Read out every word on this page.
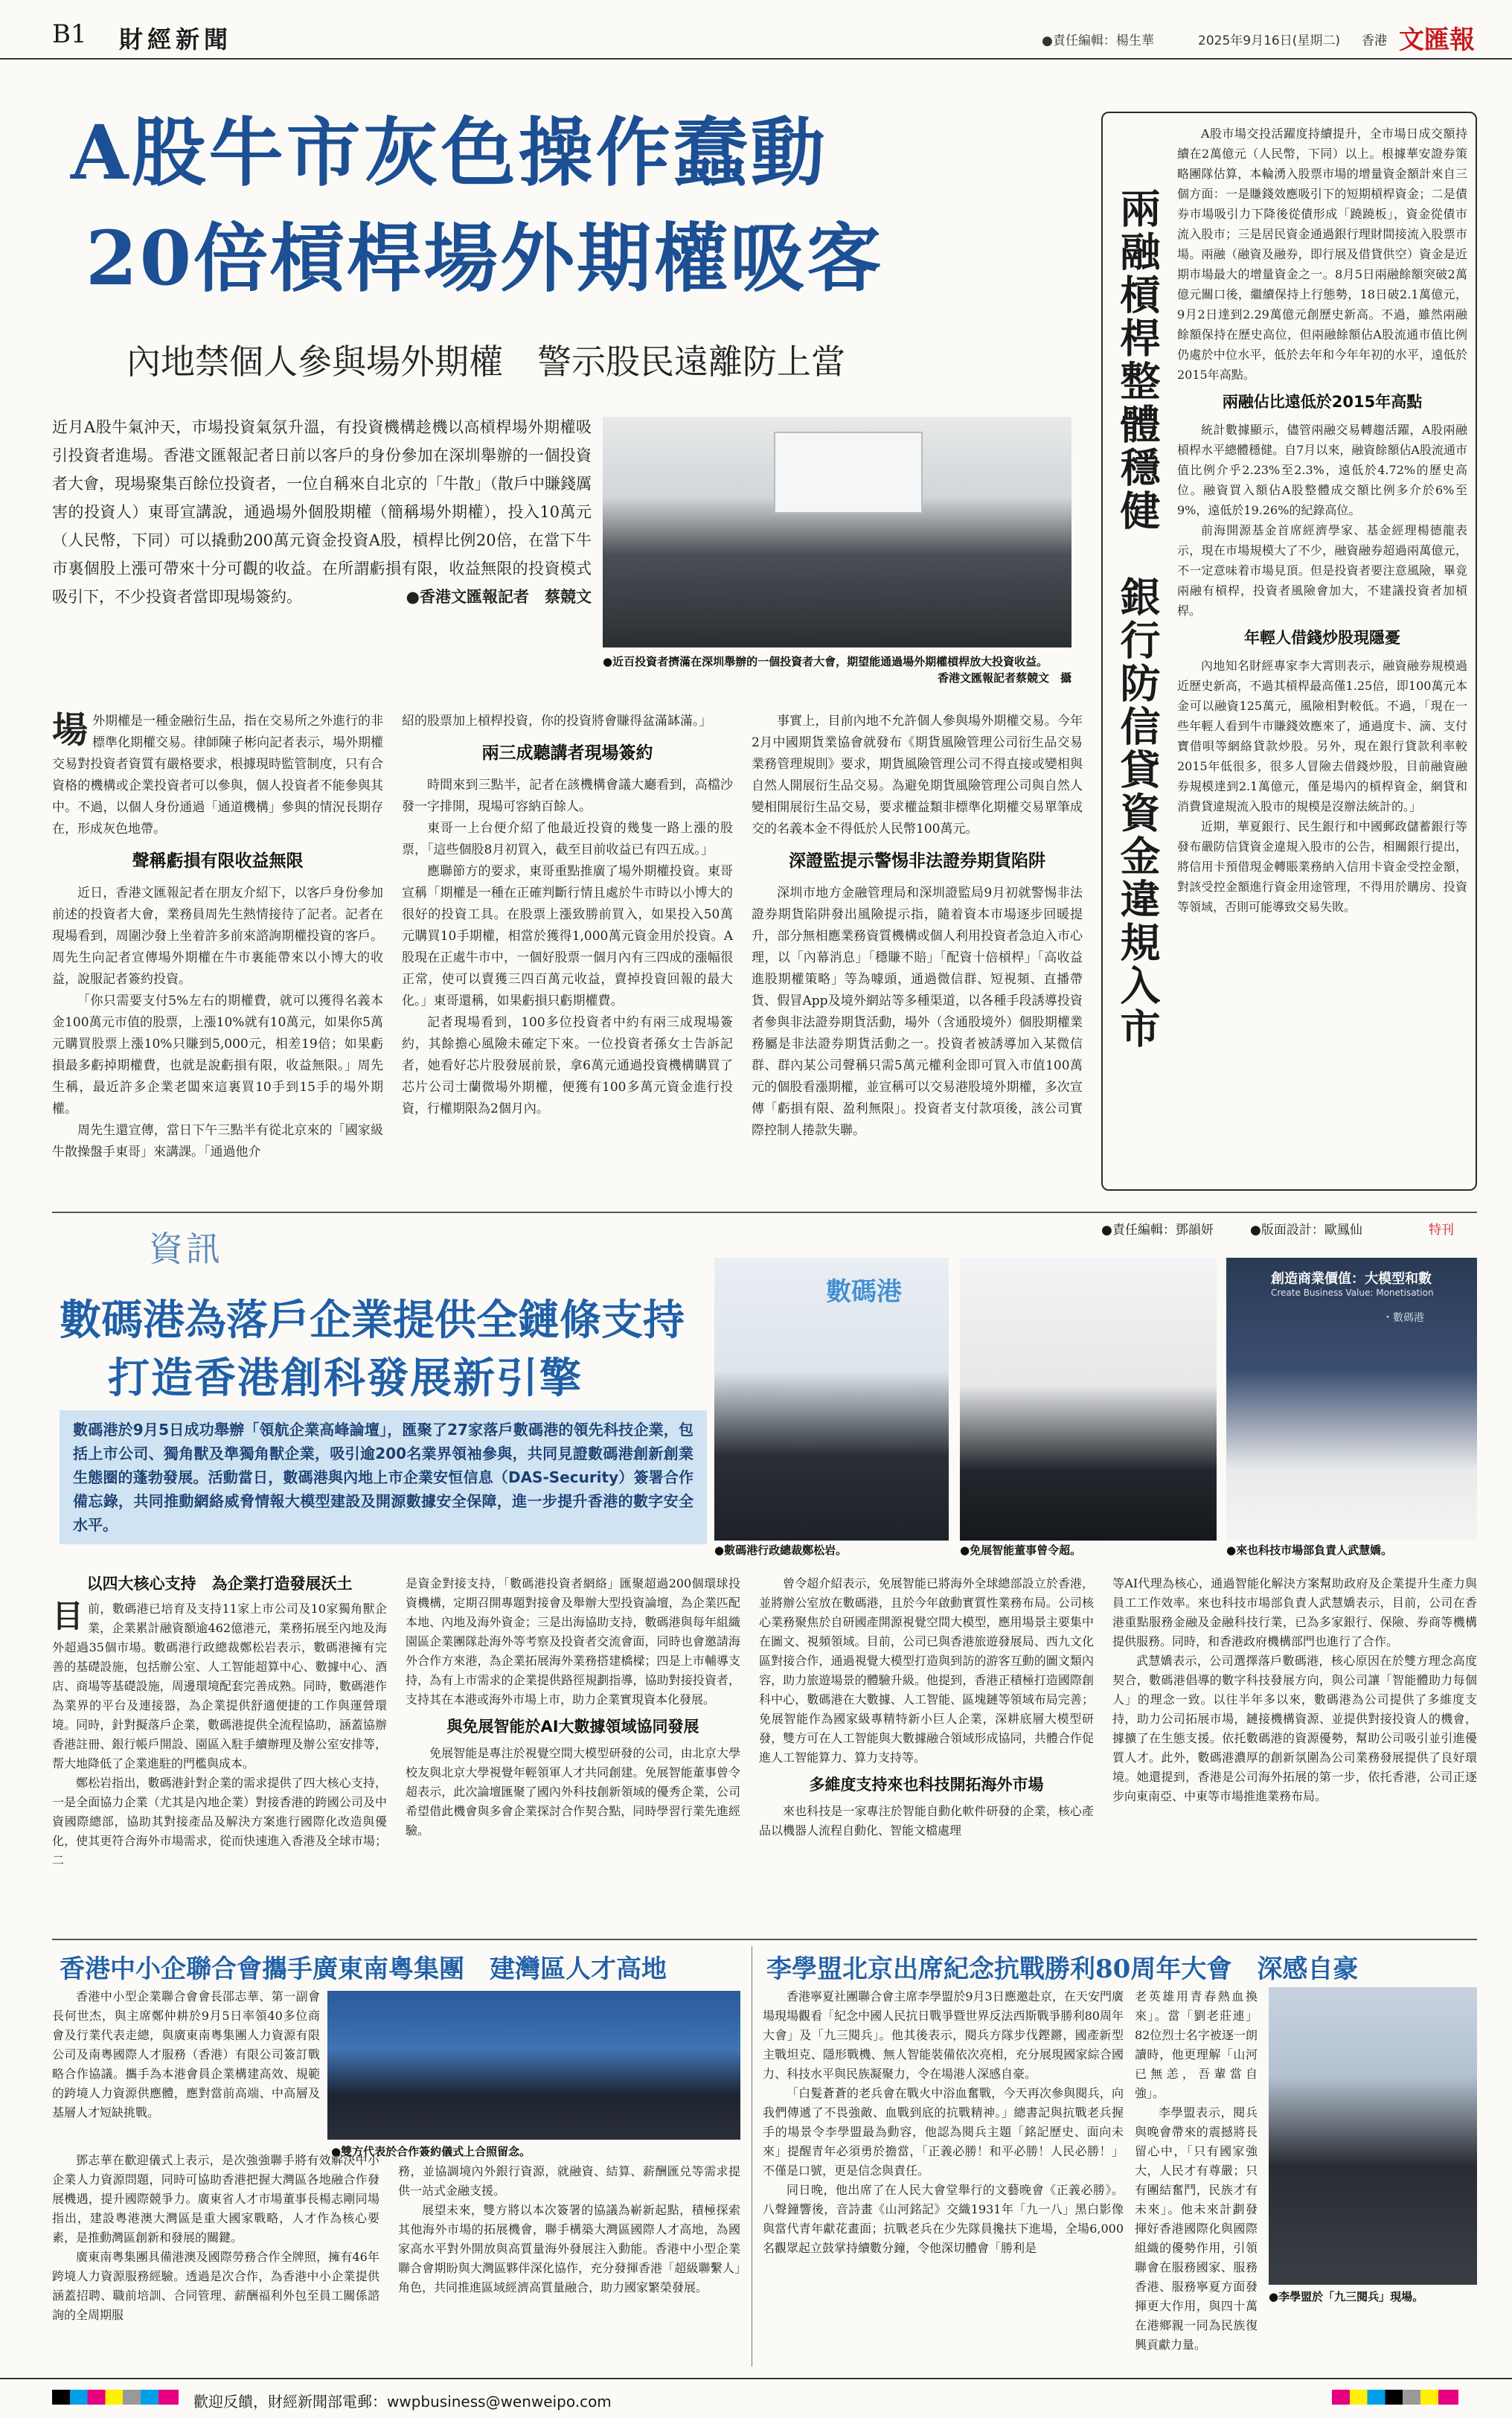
B1 財經新聞	●責任編輯：楊生華	2025年9月16日(星期二) 香港 文匯報
A股牛市灰色操作蠢動
20倍槓桿場外期權吸客
內地禁個人參與場外期權　警示股民遠離防上當
近月A股牛氣沖天，市場投資氣氛升溫，有投資機構趁機以高槓桿場外期權吸引投資者進場。香港文匯報記者日前以客戶的身份參加在深圳舉辦的一個投資者大會，現場聚集百餘位投資者，一位自稱來自北京的「牛散」（散戶中賺錢厲害的投資人）東哥宣講說，通過場外個股期權（簡稱場外期權），投入10萬元（人民幣，下同）可以撬動200萬元資金投資A股，槓桿比例20倍，在當下牛市裏個股上漲可帶來十分可觀的收益。在所謂虧損有限，收益無限的投資模式吸引下，不少投資者當即現場簽約。	●香港文匯報記者　蔡競文
●近百投資者擠滿在深圳舉辦的一個投資者大會，期望能通過場外期權槓桿放大投資收益。

香港文匯報記者蔡競文　攝
場 外期權是一種金融衍生品，指在交易所之外進行的非標準化期權交易。律師陳子彬向記者表示，場外期權交易對投資者資質有嚴格要求，根據現時監管制度，只有合資格的機構或企業投資者可以參與，個人投資者不能參與其中。不過，以個人身份通過「通道機構」參與的情況長期存在，形成灰色地帶。
聲稱虧損有限收益無限

近日，香港文匯報記者在朋友介紹下，以客戶身份參加前述的投資者大會，業務員周先生熱情接待了記者。記者在現場看到，周圍沙發上坐着許多前來諮詢期權投資的客戶。周先生向記者宣傳場外期權在牛市裏能帶來以小博大的收益，說服記者簽約投資。

「你只需要支付5%左右的期權費，就可以獲得名義本金100萬元市值的股票，上漲10%就有10萬元，如果你5萬元購買股票上漲10%只賺到5,000元，相差19倍；如果虧損最多虧掉期權費，也就是說虧損有限，收益無限。」周先生稱，最近許多企業老闆來這裏買10手到15手的場外期權。

周先生還宣傳，當日下午三點半有從北京來的「國家級牛散操盤手東哥」來講課。「通過他介

紹的股票加上槓桿投資，你的投資將會賺得盆滿缽滿。」

兩三成聽講者現場簽約

時間來到三點半，記者在該機構會議大廳看到，高檔沙發一字排開，現場可容納百餘人。

東哥一上台便介紹了他最近投資的幾隻一路上漲的股票，「這些個股8月初買入，截至目前收益已有四五成。」

應聯節方的要求，東哥重點推廣了場外期權投資。東哥宣稱「期權是一種在正確判斷行情且處於牛市時以小博大的很好的投資工具。在股票上漲致勝前買入，如果投入50萬元購買10手期權，相當於獲得1,000萬元資金用於投資。A股現在正處牛市中，一個好股票一個月內有三四成的漲幅很正常，使可以賣獲三四百萬元收益，賣掉投資回報的最大化。」東哥還稱，如果虧損只虧期權費。

記者現場看到，100多位投資者中約有兩三成現場簽約，其餘擔心風險未確定下來。一位投資者孫女士告訴記者，她看好芯片股發展前景，拿6萬元通過投資機構購買了芯片公司士蘭微場外期權，便獲有100多萬元資金進行投資，行權期限為2個月內。

事實上，目前內地不允許個人參與場外期權交易。今年2月中國期貨業協會就發布《期貨風險管理公司衍生品交易業務管理規則》要求，期貨風險管理公司不得直接或變相與自然人開展衍生品交易。為避免期貨風險管理公司與自然人變相開展衍生品交易，要求權益類非標準化期權交易單筆成交的名義本金不得低於人民幣100萬元。

深證監提示警惕非法證券期貨陷阱

深圳市地方金融管理局和深圳證監局9月初就警惕非法證券期貨陷阱發出風險提示指，隨着資本市場逐步回暖提升，部分無相應業務資質機構或個人利用投資者急迫入市心理，以「內幕消息」「穩賺不賠」「配資十倍槓桿」「高收益進股期權策略」等為噱頭，通過微信群、短視頻、直播帶貨、假冒App及境外網站等多種渠道，以各種手段誘導投資者參與非法證券期貨活動，場外（含通股境外）個股期權業務屬是非法證券期貨活動之一。投資者被誘導加入某微信群、群內某公司聲稱只需5萬元權利金即可買入市值100萬元的個股看漲期權，並宣稱可以交易港股境外期權，多次宣傳「虧損有限、盈利無限」。投資者支付款項後，該公司實際控制人捲款失聯。

兩融槓桿整體穩健　銀行防信貸資金違規入市

A股市場交投活躍度持續提升，全市場日成交額持續在2萬億元（人民幣，下同）以上。根據華安證券策略團隊估算，本輪湧入股票市場的增量資金額計來自三個方面：一是賺錢效應吸引下的短期槓桿資金；二是債券市場吸引力下降後從債形成「蹺蹺板」，資金從債市流入股市；三是居民資金通過銀行理財間接流入股票市場。兩融（融資及融券，即行展及借貸供空）資金是近期市場最大的增量資金之一。8月5日兩融餘額突破2萬億元關口後，繼續保持上行態勢，18日破2.1萬億元，9月2日達到2.29萬億元創歷史新高。不過，雖然兩融餘額保持在歷史高位，但兩融餘額佔A股流通市值比例仍處於中位水平，低於去年和今年年初的水平，遠低於2015年高點。

兩融佔比遠低於2015年高點

統計數據顯示，儘管兩融交易轉趨活躍，A股兩融槓桿水平總體穩健。自7月以來，融資餘額佔A股流通市值比例介乎2.23%至2.3%，遠低於4.72%的歷史高位。融資買入額佔A股整體成交額比例多介於6%至9%，遠低於19.26%的紀錄高位。

前海開源基金首席經濟學家、基金經理楊德龍表示，現在市場規模大了不少，融資融券超過兩萬億元，不一定意味着市場見頂。但是投資者要注意風險，畢竟兩融有槓桿，投資者風險會加大，不建議投資者加槓桿。

年輕人借錢炒股現隱憂

內地知名財經專家李大霄則表示，融資融券規模過近歷史新高，不過其槓桿最高僅1.25倍，即100萬元本金可以融資125萬元，風險相對較低。不過，「現在一些年輕人看到牛市賺錢效應來了，通過度卡、滴、支付寶借唄等網絡貸款炒股。另外，現在銀行貸款利率較2015年低很多，很多人冒險去借錢炒股，目前融資融券規模達到2.1萬億元，僅是場內的槓桿資金，網貸和消費貸違規流入股市的規模是沒辦法統計的。」

近期，華夏銀行、民生銀行和中國郵政儲蓄銀行等發布嚴防信貸資金違規入股市的公告，相關銀行提出，將信用卡預借現金轉賬業務納入信用卡資金受控金額，對該受控金額進行資金用途管理，不得用於購房、投資等領域，否則可能導致交易失敗。

●責任編輯：鄧韻妍	●版面設計：歐鳳仙	特刊
資訊
數碼港為落戶企業提供全鏈條支持
打造香港創科發展新引擎
數碼港於9月5日成功舉辦「領航企業高峰論壇」，匯聚了27家落戶數碼港的領先科技企業，包括上市公司、獨角獸及準獨角獸企業，吸引逾200名業界領袖參與，共同見證數碼港創新創業生態圈的蓬勃發展。活動當日，數碼港與內地上市企業安恒信息（DAS-Security）簽署合作備忘錄，共同推動網絡威脅情報大模型建設及開源數據安全保障，進一步提升香港的數字安全水平。
數碼港
●數碼港行政總裁鄭松岩。	●免展智能董事曾令超。
創造商業價值：大模型和數
Create Business Value: Monetisation
・數碼港
●來也科技市場部負責人武慧嬌。
以四大核心支持　為企業打造發展沃土
目 前，數碼港已培育及支持11家上市公司及10家獨角獸企業，企業累計融資額逾462億港元，業務拓展至內地及海外超過35個市場。數碼港行政總裁鄭松岩表示，數碼港擁有完善的基礎設施，包括辦公室、人工智能超算中心、數據中心、酒店、商場等基礎設施，周邊環境配套完善成熟。同時，數碼港作為業界的平台及連接器，為企業提供舒適便捷的工作與運營環境。同時，針對擬落戶企業，數碼港提供全流程協助，涵蓋協辦香港註冊、銀行帳戶開設、園區入駐手續辦理及辦公室安排等，帮大地降低了企業進駐的門檻與成本。

鄭松岩指出，數碼港針對企業的需求提供了四大核心支持，一是全面協力企業（尤其是內地企業）對接香港的跨國公司及中資國際總部，協助其對接產品及解決方案進行國際化改造與優化，使其更符合海外市場需求，從而快速進入香港及全球市場；二

是資金對接支持，「數碼港投資者網絡」匯聚超過200個環球投資機構，定期召開專題對接會及舉辦大型投資論壇，為企業匹配本地、內地及海外資金；三是出海協助支持，數碼港與每年組織園區企業團隊赴海外等考察及投資者交流會面，同時也會邀請海外合作方來港，為企業拓展海外業務搭建橋樑；四是上市輔導支持，為有上市需求的企業提供路徑規劃指導，協助對接投資者，支持其在本港或海外市場上市，助力企業實現資本化發展。

與免展智能於AI大數據領域協同發展

免展智能是專注於視覺空間大模型研發的公司，由北京大學校友與北京大學視覺年輕領軍人才共同創建。免展智能董事曾令超表示，此次論壇匯聚了國內外科技創新領域的優秀企業，公司希望借此機會與多會企業探討合作契合點，同時學習行業先進經驗。

曾令超介紹表示，免展智能已將海外全球總部設立於香港，並將辦公室放在數碼港，且於今年啟動實質性業務布局。公司核心業務聚焦於自研國產開源視覺空間大模型，應用場景主要集中在圖文、視頻領域。目前，公司已與香港旅遊發展局、西九文化區對接合作，通過視覺大模型打造與到訪的游客互動的圖文類內容，助力旅遊場景的體驗升級。他提到，香港正積極打造國際創科中心，數碼港在大數據、人工智能、區塊鏈等領域布局完善；免展智能作為國家級專精特新小巨人企業，深耕底層大模型研發，雙方可在人工智能與大數據融合領域形成協同，共體合作促進人工智能算力、算力支持等。

多維度支持來也科技開拓海外市場

來也科技是一家專注於智能自動化軟件研發的企業，核心產品以機器人流程自動化、智能文檔處理

等AI代理為核心，通過智能化解決方案幫助政府及企業提升生產力與員工工作效率。來也科技市場部負責人武慧嬌表示，目前，公司在香港重點服務金融及金融科技行業，已為多家銀行、保險、券商等機構提供服務。同時，和香港政府機構部門也進行了合作。

武慧嬌表示，公司選擇落戶數碼港，核心原因在於雙方理念高度契合，數碼港倡導的數字科技發展方向，與公司讓「智能體助力每個人」的理念一致。以往半年多以來，數碼港為公司提供了多維度支持，助力公司拓展市場，鏈接機構資源、並提供對接投資人的機會，據擴了在生態支援。依托數碼港的資源優勢，幫助公司吸引並引進優質人才。此外，數碼港濃厚的創新氛圍為公司業務發展提供了良好環境。她還提到，香港是公司海外拓展的第一步，依托香港，公司正逐步向東南亞、中東等市場推進業務布局。

香港中小企聯合會攜手廣東南粵集團　建灣區人才高地

香港中小型企業聯合會會長邵志華、第一副會長何世杰，與主席鄭仲耕於9月5日率領40多位商會及行業代表走總，與廣東南粵集團人力資源有限公司及南粵國際人才服務（香港）有限公司簽訂戰略合作協議。攜手為本港會員企業構建高效、規範的跨境人力資源供應體，應對當前高端、中高層及基層人才短缺挑戰。

●雙方代表於合作簽約儀式上合照留念。

鄧志華在歡迎儀式上表示，是次強強聯手將有效解決中小企業人力資源問題，同時可協助香港把握大灣區各地融合作發展機遇，提升國際競爭力。廣東省人才市場董事長楊志剛同場指出，建設粵港澳大灣區是重大國家戰略，人才作為核心要素，是推動灣區創新和發展的關鍵。

廣東南粵集團具備港澳及國際勞務合作全牌照，擁有46年跨境人力資源服務經驗。透過是次合作，為香港中小企業提供涵蓋招聘、職前培訓、合同管理、薪酬福利外包至員工關係諮詢的全周期服

務，並協調境內外銀行資源，就融資、結算、薪酬匯兑等需求提供一站式金融支援。

展望未來，雙方將以本次簽署的協議為嶄新起點，積極探索其他海外市場的拓展機會，聯手構築大灣區國際人才高地，為國家高水平對外開放與高質量海外發展注入動能。香港中小型企業聯合會期盼與大灣區夥伴深化協作，充分發揮香港「超級聯繫人」角色，共同推進區域經濟高質量融合，助力國家繁榮發展。

李學盟北京出席紀念抗戰勝利80周年大會　深感自豪

香港寧夏社團聯合會主席李學盟於9月3日應邀赴京，在天安門廣場現場觀看「紀念中國人民抗日戰爭暨世界反法西斯戰爭勝利80周年大會」及「九三閱兵」。他其後表示，閱兵方隊步伐鏗鏘，國產新型主戰坦克、隱形戰機、無人智能裝備依次亮相，充分展現國家綜合國力、科技水平與民族凝聚力，令在場港人深感自豪。

「白髮蒼蒼的老兵會在戰火中浴血奮戰，今天再次參與閱兵，向我們傳遞了不畏強敵、血戰到底的抗戰精神。」總書記與抗戰老兵握手的場景令李學盟最為動容，他認為閱兵主題「銘記歷史、面向未來」提醒青年必須勇於擔當，「正義必勝！和平必勝！人民必勝！」不僅是口號，更是信念與責任。

同日晚，他出席了在人民大會堂舉行的文藝晚會《正義必勝》。八聲鐘響後，音詩畫《山河銘記》交織1931年「九一八」黑白影像與當代青年獻花畫面；抗戰老兵在少先隊員攙扶下進場，全場6,000名觀眾起立鼓掌持續數分鐘，令他深切體會「勝利是

老英雄用青春熱血換來」。當「劉老莊連」82位烈士名字被逐一朗讀時，他更理解「山河已無恙，吾輩當自強」。

李學盟表示，閱兵與晚會帶來的震撼將長留心中，「只有國家強大，人民才有尊嚴；只有團結奮鬥，民族才有未來」。他未來計劃發揮好香港國際化與國際組織的優勢作用，引領聯會在服務國家、服務香港、服務寧夏方面發揮更大作用，與四十萬在港鄉親一同為民族復興貢獻力量。

●李學盟於「九三閱兵」現場。
歡迎反饋，財經新聞部電郵：wwpbusiness@wenweipo.com
